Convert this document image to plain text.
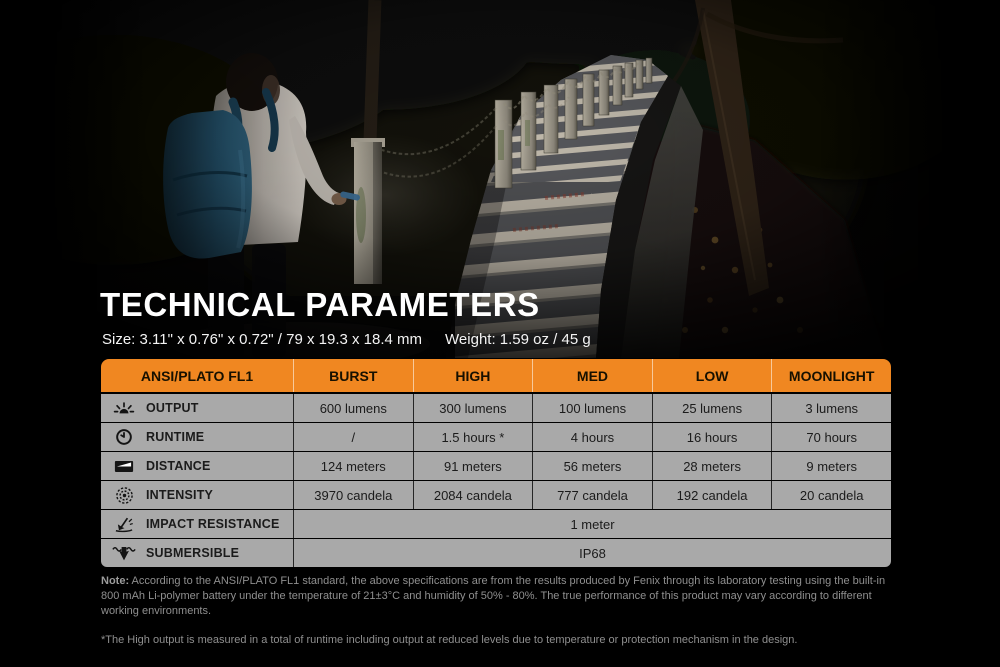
TECHNICAL PARAMETERS
Size: 3.11" x 0.76" x 0.72" / 79 x 19.3 x 18.4 mm Weight: 1.59 oz / 45 g
ANSI/PLATO FL1	BURST	HIGH	MED	LOW	MOONLIGHT
OUTPUT	600 lumens	300 lumens	100 lumens	25 lumens	3 lumens
RUNTIME	/	1.5 hours *	4 hours	16 hours	70 hours
DISTANCE	124 meters	91 meters	56 meters	28 meters	9 meters
INTENSITY	3970 candela	2084 candela	777 candela	192 candela	20 candela
IMPACT RESISTANCE	1 meter
SUBMERSIBLE	IP68

Note: According to the ANSI/PLATO FL1 standard, the above specifications are from the results produced by Fenix through its laboratory testing using the built-in 800 mAh Li-polymer battery under the temperature of 21±3°C and humidity of 50% - 80%. The true performance of this product may vary according to different working environments.

*The High output is measured in a total of runtime including output at reduced levels due to temperature or protection mechanism in the design.
